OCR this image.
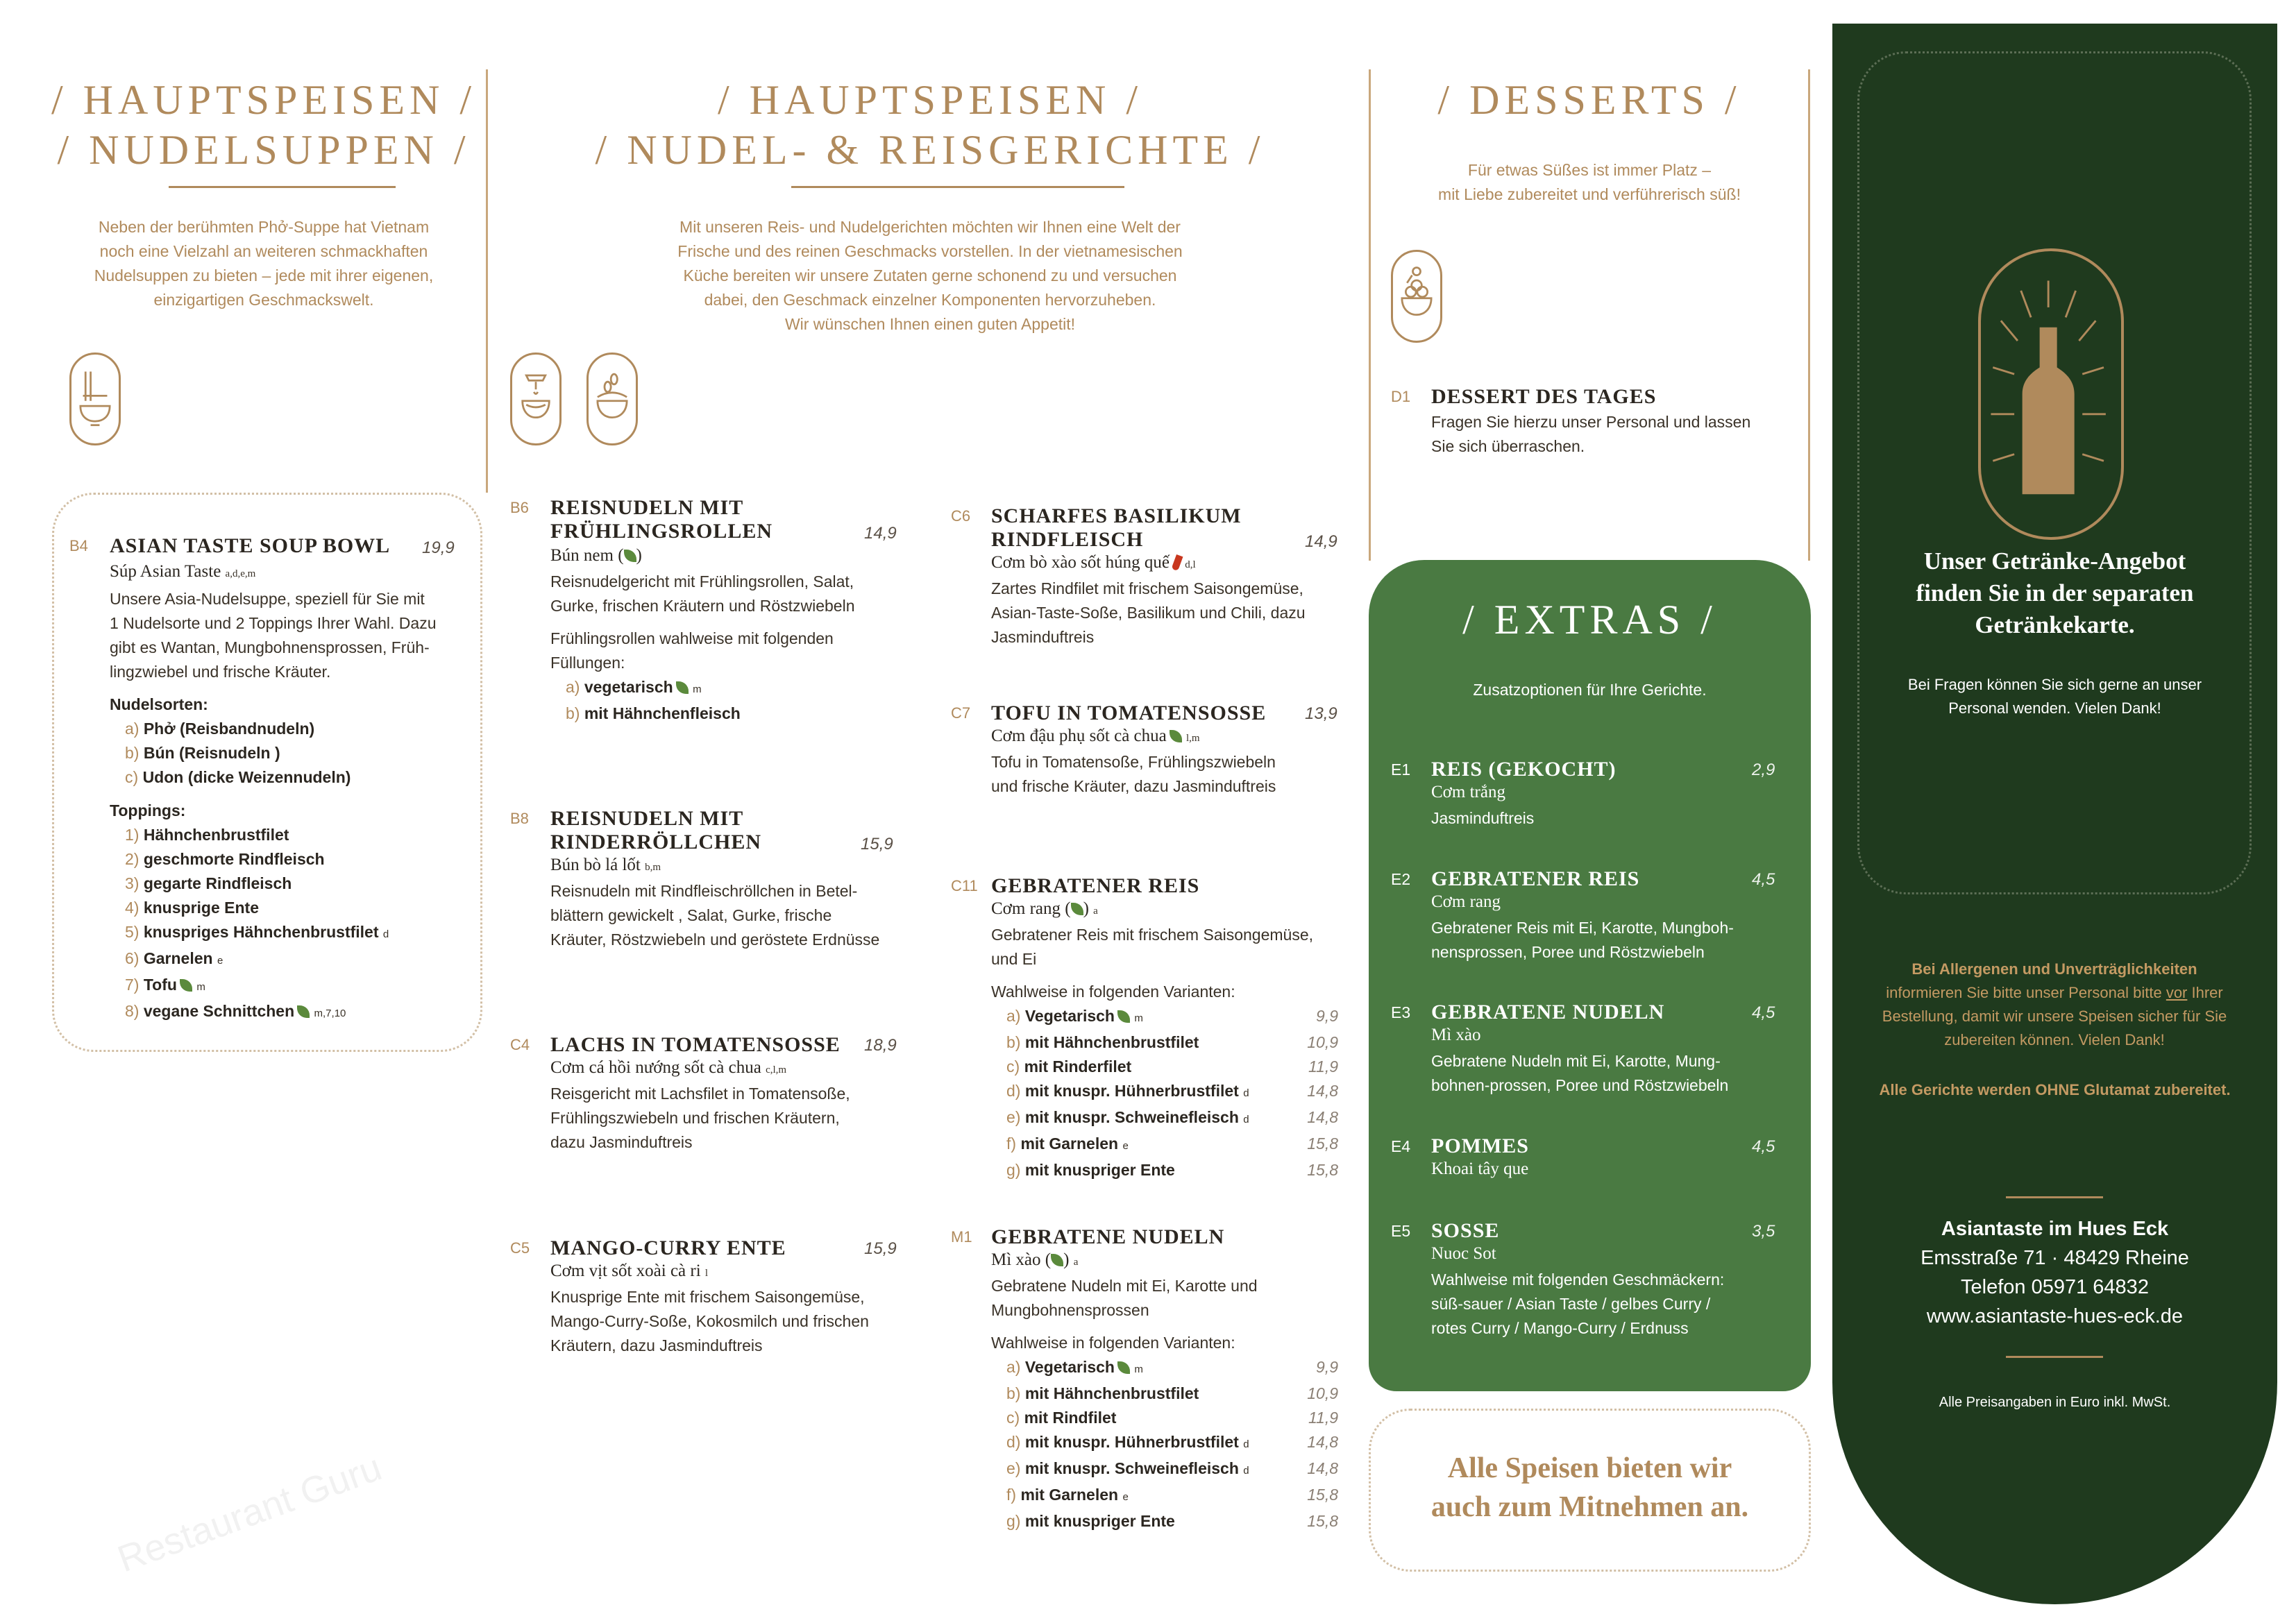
/ HAUPTSPEISEN /
/ NUDELSUPPEN /
Neben der berühmten Phở-Suppe hat Vietnam
noch eine Vielzahl an weiteren schmackhaften
Nudelsuppen zu bieten – jede mit ihrer eigenen,
einzigartigen Geschmackswelt.
B4 ASIAN TASTE SOUP BOWL 19,9
Súp Asian Taste a,d,e,m
Unsere Asia-Nudelsuppe, speziell für Sie mit
1 Nudelsorte und 2 Toppings Ihrer Wahl. Dazu
gibt es Wantan, Mungbohnensprossen, Früh-
lingzwiebel und frische Kräuter.
Nudelsorten:
a) Phở (Reisbandnudeln)
b) Bún (Reisnudeln )
c) Udon (dicke Weizennudeln)
Toppings:
1) Hähnchenbrustfilet
2) geschmorte Rindfleisch
3) gegarte Rindfleisch
4) knusprige Ente
5) knuspriges Hähnchenbrustfilet d
6) Garnelen e
7) Tofu m
8) vegane Schnittchen m,7,10
/ HAUPTSPEISEN /
/ NUDEL- & REISGERICHTE /
Mit unseren Reis- und Nudelgerichten möchten wir Ihnen eine Welt der
Frische und des reinen Geschmacks vorstellen. In der vietnamesischen
Küche bereiten wir unsere Zutaten gerne schonend zu und versuchen
dabei, den Geschmack einzelner Komponenten hervorzuheben.
Wir wünschen Ihnen einen guten Appetit!
B6 REISNUDELN MIT
FRÜHLINGSROLLEN	14,9
Bún nem ( )
Reisnudelgericht mit Frühlingsrollen, Salat,
Gurke, frischen Kräutern und Röstzwiebeln
Frühlingsrollen wahlweise mit folgenden
Füllungen:
a) vegetarisch m
b) mit Hähnchenfleisch
B8 REISNUDELN MIT
RINDERRÖLLCHEN	15,9
Bún bò lá lốt b,m
Reisnudeln mit Rindfleischröllchen in Betel-
blättern gewickelt , Salat, Gurke, frische
Kräuter, Röstzwiebeln und geröstete Erdnüsse
C4 LACHS IN TOMATENSOSSE 18,9
Cơm cá hồi nướng sốt cà chua c,l,m
Reisgericht mit Lachsfilet in Tomatensoße,
Frühlingszwiebeln und frischen Kräutern,
dazu Jasminduftreis
C5 MANGO-CURRY ENTE	15,9
Cơm vịt sốt xoài cà ri l
Knusprige Ente mit frischem Saisongemüse,
Mango-Curry-Soße, Kokosmilch und frischen
Kräutern, dazu Jasminduftreis
C6 SCHARFES BASILIKUM
RINDFLEISCH	14,9
Cơm bò xào sốt húng quế d,l
Zartes Rindfilet mit frischem Saisongemüse,
Asian-Taste-Soße, Basilikum und Chili, dazu
Jasminduftreis
C7 TOFU IN TOMATENSOSSE 13,9
Cơm đậu phụ sốt cà chua l,m
Tofu in Tomatensoße, Frühlingszwiebeln
und frische Kräuter, dazu Jasminduftreis
C11 GEBRATENER REIS
Cơm rang ( ) a
Gebratener Reis mit frischem Saisongemüse,
und Ei
Wahlweise in folgenden Varianten:
a) Vegetarisch m	9,9
b) mit Hähnchenbrustfilet	10,9
c) mit Rinderfilet	11,9
d) mit knuspr. Hühnerbrustfilet d	14,8
e) mit knuspr. Schweinefleisch d	14,8
f) mit Garnelen e	15,8
g) mit knuspriger Ente	15,8
M1 GEBRATENE NUDELN
Mì xào ( ) a
Gebratene Nudeln mit Ei, Karotte und
Mungbohnensprossen
Wahlweise in folgenden Varianten:
a) Vegetarisch m	9,9
b) mit Hähnchenbrustfilet	10,9
c) mit Rindfilet	11,9
d) mit knuspr. Hühnerbrustfilet d	14,8
e) mit knuspr. Schweinefleisch d	14,8
f) mit Garnelen e	15,8
g) mit knuspriger Ente	15,8
/ DESSERTS /
Für etwas Süßes ist immer Platz –
mit Liebe zubereitet und verführerisch süß!
D1 DESSERT DES TAGES
Fragen Sie hierzu unser Personal und lassen
Sie sich überraschen.
/ EXTRAS /
Zusatzoptionen für Ihre Gerichte.
E1 REIS (GEKOCHT)	2,9
Cơm trắng
Jasminduftreis
E2 GEBRATENER REIS	4,5
Cơm rang
Gebratener Reis mit Ei, Karotte, Mungboh-
nensprossen, Poree und Röstzwiebeln
E3 GEBRATENE NUDELN	4,5
Mì xào
Gebratene Nudeln mit Ei, Karotte, Mung-
bohnen-prossen, Poree und Röstzwiebeln
E4 POMMES	4,5
Khoai tây que
E5 SOSSE	3,5
Nuoc Sot
Wahlweise mit folgenden Geschmäckern:
süß-sauer / Asian Taste / gelbes Curry /
rotes Curry / Mango-Curry / Erdnuss
Alle Speisen bieten wir
auch zum Mitnehmen an.
Unser Getränke-Angebot
finden Sie in der separaten
Getränkekarte.
Bei Fragen können Sie sich gerne an unser
Personal wenden. Vielen Dank!
Bei Allergenen und Unverträglichkeiten
informieren Sie bitte unser Personal bitte vor Ihrer
Bestellung, damit wir unsere Speisen sicher für Sie
zubereiten können. Vielen Dank!
Alle Gerichte werden OHNE Glutamat zubereitet.
Asiantaste im Hues Eck
Emsstraße 71 · 48429 Rheine
Telefon 05971 64832
www.asiantaste-hues-eck.de
Alle Preisangaben in Euro inkl. MwSt.
Restaurant Guru
